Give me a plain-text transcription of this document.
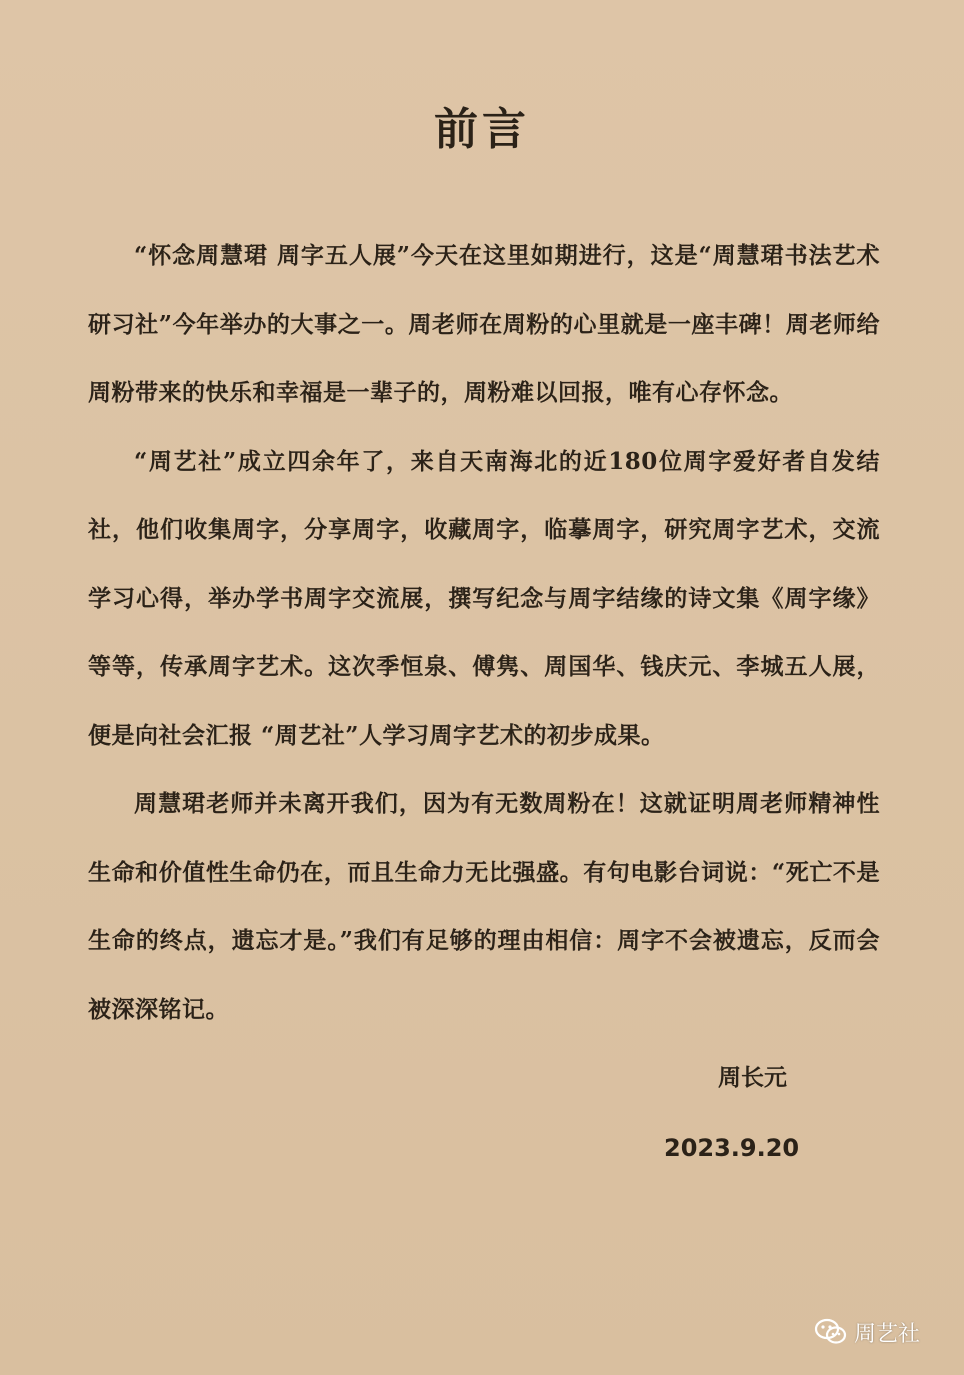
前言

“怀念周慧珺 周字五人展”今天在这里如期进行，这是“周慧珺书法艺术研习社”今年举办的大事之一。周老师在周粉的心里就是一座丰碑！周老师给周粉带来的快乐和幸福是一辈子的，周粉难以回报，唯有心存怀念。

“周艺社”成立四余年了，来自天南海北的近180位周字爱好者自发结社，他们收集周字，分享周字，收藏周字，临摹周字，研究周字艺术，交流学习心得，举办学书周字交流展，撰写纪念与周字结缘的诗文集《周字缘》等等，传承周字艺术。这次季恒泉、傅隽、周国华、钱庆元、李城五人展，便是向社会汇报 “周艺社”人学习周字艺术的初步成果。

周慧珺老师并未离开我们，因为有无数周粉在！这就证明周老师精神性生命和价值性生命仍在，而且生命力无比强盛。有句电影台词说：“死亡不是生命的终点，遗忘才是。”我们有足够的理由相信：周字不会被遗忘，反而会被深深铭记。

周长元
2023.9.20
周艺社
